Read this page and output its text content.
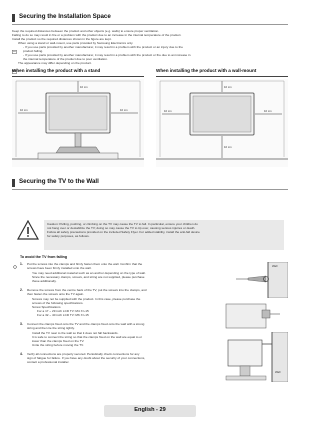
Securing the Installation Space
Keep the required distances between the product and other objects (e.g. walls) to ensure proper ventilation.
Failing to do so may result in fire or a problem with the product due to an increase in the internal temperature of the product.
Install the product so the required distances shown in the figure are kept.
When using a stand or wall-mount, use parts provided by Samsung Electronics only.
- If you use parts provided by another manufacturer, it may result in a problem with the product or an injury due to the
product falling.
- If you use parts provided by another manufacturer, it may result in a problem with the product or fire due to an increase in
the internal temperature of the product due to poor ventilation.
The appearance may differ depending on the product.
When installing the product with a stand	When installing the product with a wall-mount
10 cm
10 cm	10 cm
10 cm
10 cm	10 cm
10 cm
Securing the TV to the Wall
Caution: Pulling, pushing, or climbing on the TV may cause the TV to fall. In particular, ensure your children do
not hang over or destabilize the TV; doing so may cause the TV to tip over, causing serious injuries or death.
Follow all safety precautions provided on the included Safety Flyer. For added stability, install the anti-fall device
for safety purposes, as follows.
To avoid the TV from falling
1. Put the screws into the clamps and firmly fasten them onto the wall. Confirm that the
screws have been firmly installed onto the wall.
You may need additional material such as an anchor depending on the type of wall.
Since the necessary clamps, screws, and string are not supplied, please purchase
these additionally.
2. Remove the screws from the centre back of the TV, put the screws into the clamps, and
then fasten the screws onto the TV again.
Screws may not be supplied with the product. In this case, please purchase the
screws of the following specifications.
Screw Specifications
For a 17 ~ 29 inch LCD TV: M4 X L15
For a 32 ~ 40 inch LCD TV: M6 X L15
3. Connect the clamps fixed onto the TV and the clamps fixed onto the wall with a strong
string and then tie the string tightly.
Install the TV near to the wall so that it does not fall backwards.
It is safe to connect the string so that the clamps fixed on the wall are equal to or
lower than the clamps fixed on the TV.
Untie the string before moving the TV.
4. Verify all connections are properly secured. Periodically check connections for any
sign of fatigue for failure. If you have any doubt about the security of your connections,
contact a professional installer.
Wall
Wall
English - 29
